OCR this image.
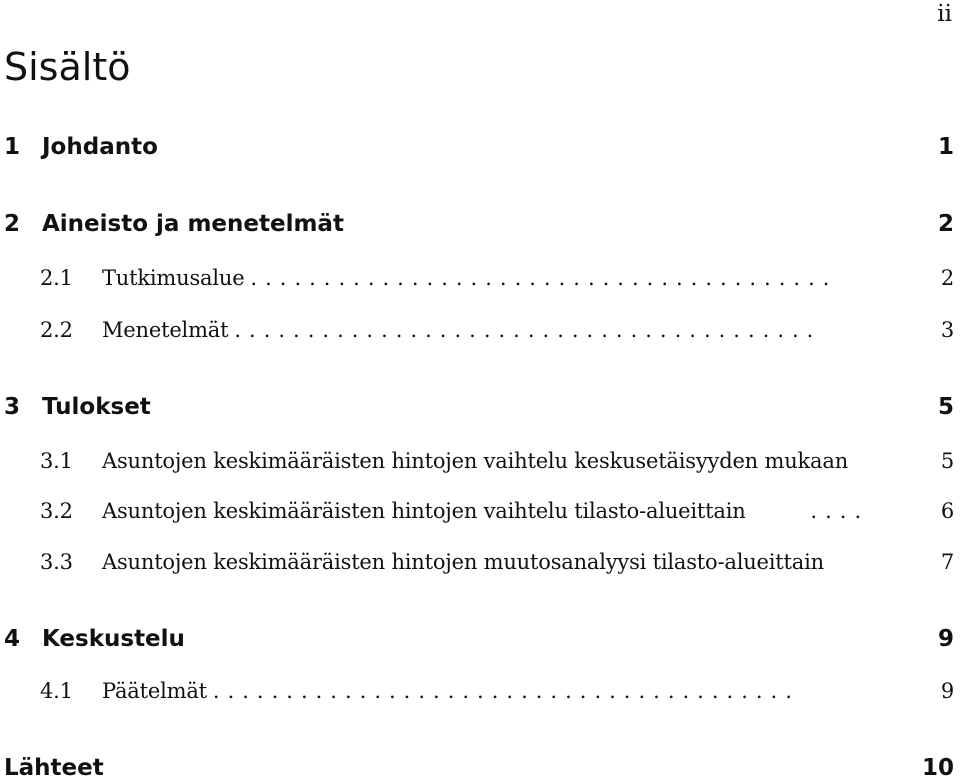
ii
Sisältö
1 Johdanto	1
2 Aineisto ja menetelmät	2
2.1	Tutkimusalue ........................................	2
2.2	Menetelmät ........................................	3
3 Tulokset	5
3.1	Asuntojen keskimääräisten hintojen vaihtelu keskusetäisyyden mukaan	5
3.2	Asuntojen keskimääräisten hintojen vaihtelu tilasto-alueittain	....	6
3.3	Asuntojen keskimääräisten hintojen muutosanalyysi tilasto-alueittain	7
4 Keskustelu	9
4.1	Päätelmät ........................................	9
Lähteet	10
